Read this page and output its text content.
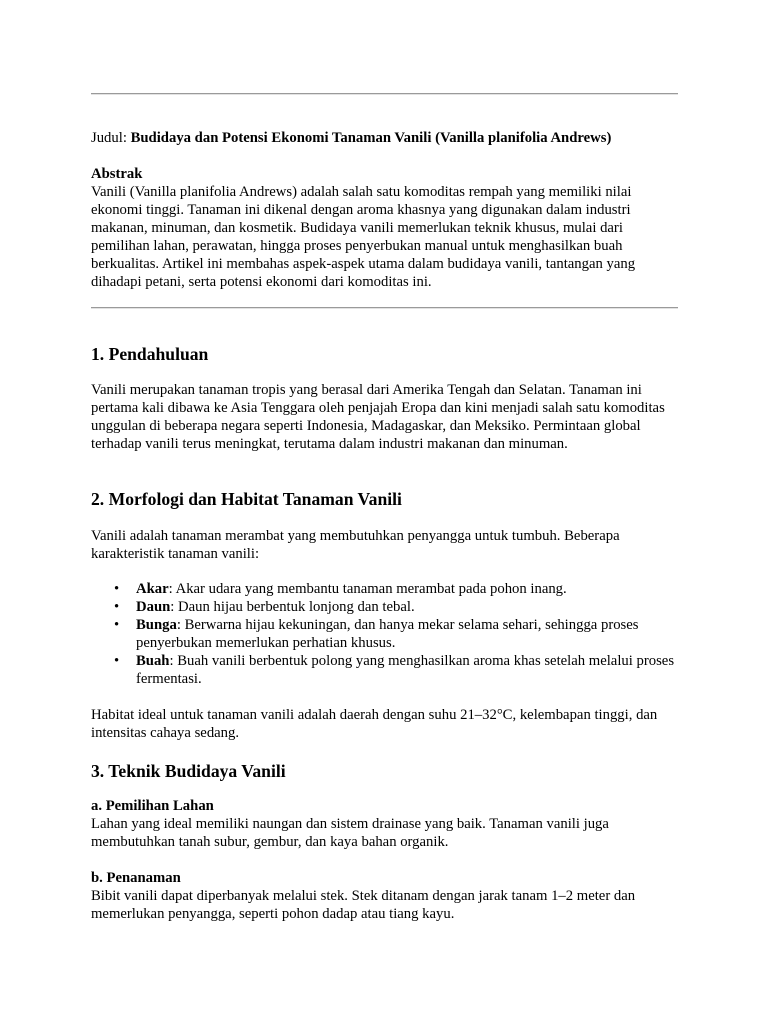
Judul: Budidaya dan Potensi Ekonomi Tanaman Vanili (Vanilla planifolia Andrews)

Abstrak
Vanili (Vanilla planifolia Andrews) adalah salah satu komoditas rempah yang memiliki nilai ekonomi tinggi. Tanaman ini dikenal dengan aroma khasnya yang digunakan dalam industri makanan, minuman, dan kosmetik. Budidaya vanili memerlukan teknik khusus, mulai dari pemilihan lahan, perawatan, hingga proses penyerbukan manual untuk menghasilkan buah berkualitas. Artikel ini membahas aspek-aspek utama dalam budidaya vanili, tantangan yang dihadapi petani, serta potensi ekonomi dari komoditas ini.
1. Pendahuluan

Vanili merupakan tanaman tropis yang berasal dari Amerika Tengah dan Selatan. Tanaman ini pertama kali dibawa ke Asia Tenggara oleh penjajah Eropa dan kini menjadi salah satu komoditas unggulan di beberapa negara seperti Indonesia, Madagaskar, dan Meksiko. Permintaan global terhadap vanili terus meningkat, terutama dalam industri makanan dan minuman.

2. Morfologi dan Habitat Tanaman Vanili

Vanili adalah tanaman merambat yang membutuhkan penyangga untuk tumbuh. Beberapa karakteristik tanaman vanili:

• Akar: Akar udara yang membantu tanaman merambat pada pohon inang.
• Daun: Daun hijau berbentuk lonjong dan tebal.
• Bunga: Berwarna hijau kekuningan, dan hanya mekar selama sehari, sehingga proses penyerbukan memerlukan perhatian khusus.
• Buah: Buah vanili berbentuk polong yang menghasilkan aroma khas setelah melalui proses fermentasi.

Habitat ideal untuk tanaman vanili adalah daerah dengan suhu 21–32°C, kelembapan tinggi, dan intensitas cahaya sedang.

3. Teknik Budidaya Vanili
a. Pemilihan Lahan
Lahan yang ideal memiliki naungan dan sistem drainase yang baik. Tanaman vanili juga membutuhkan tanah subur, gembur, dan kaya bahan organik.
b. Penanaman
Bibit vanili dapat diperbanyak melalui stek. Stek ditanam dengan jarak tanam 1–2 meter dan memerlukan penyangga, seperti pohon dadap atau tiang kayu.
